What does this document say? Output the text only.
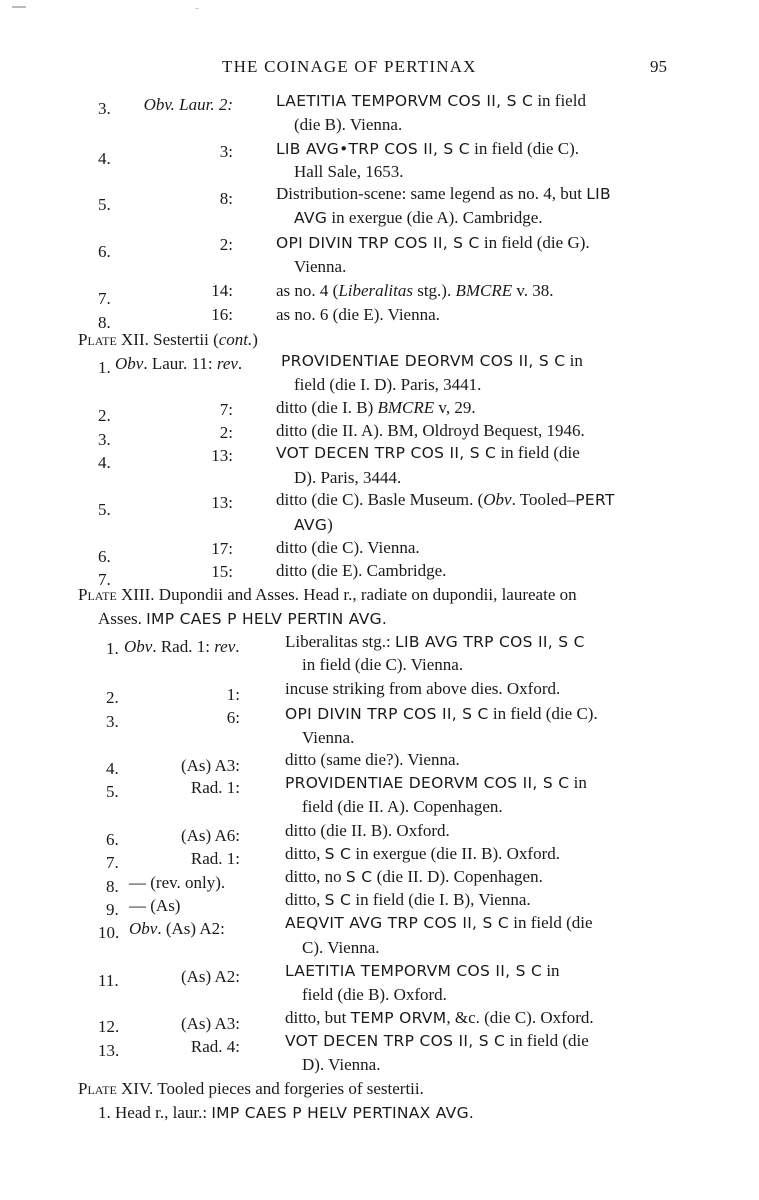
THE COINAGE OF PERTINAX	95
3.	Obv. Laur. 2:	LAETITIA TEMPORVM COS II, S C in field
(die B). Vienna.
4.	3:	LIB AVG•TRP COS II, S C in field (die C).
Hall Sale, 1653.
5.	8:	Distribution-scene: same legend as no. 4, but LIB
AVG in exergue (die A). Cambridge.
6.	2:	OPI DIVIN TRP COS II, S C in field (die G).
Vienna.
7.	14:	as no. 4 (Liberalitas stg.). BMCRE v. 38.
8.	16:	as no. 6 (die E). Vienna.
Plate XII. Sestertii (cont.)
1. Obv. Laur. 11: rev.	PROVIDENTIAE DEORVM COS II, S C in
field (die I. D). Paris, 3441.
2.	7:	ditto (die I. B) BMCRE v, 29.
3.	2:	ditto (die II. A). BM, Oldroyd Bequest, 1946.
4.	13:	VOT DECEN TRP COS II, S C in field (die
D). Paris, 3444.
5.	13:	ditto (die C). Basle Museum. (Obv. Tooled–PERT
AVG)
6.	17:	ditto (die C). Vienna.
7.	15:	ditto (die E). Cambridge.
Plate XIII. Dupondii and Asses. Head r., radiate on dupondii, laureate on
Asses. IMP CAES P HELV PERTIN AVG.
1. Obv. Rad. 1: rev.	Liberalitas stg.: LIB AVG TRP COS II, S C
in field (die C). Vienna.
2.	1:	incuse striking from above dies. Oxford.
3.	6:	OPI DIVIN TRP COS II, S C in field (die C).
Vienna.
4.	(As) A3:	ditto (same die?). Vienna.
5.	Rad. 1:	PROVIDENTIAE DEORVM COS II, S C in
field (die II. A). Copenhagen.
6.	(As) A6:	ditto (die II. B). Oxford.
7.	Rad. 1:	ditto, S C in exergue (die II. B). Oxford.
8. — (rev. only).	ditto, no S C (die II. D). Copenhagen.
9. — (As)	ditto, S C in field (die I. B), Vienna.
10. Obv. (As) A2:	AEQVIT AVG TRP COS II, S C in field (die
C). Vienna.
11.	(As) A2:	LAETITIA TEMPORVM COS II, S C in
field (die B). Oxford.
12.	(As) A3:	ditto, but TEMP ORVM, &c. (die C). Oxford.
13.	Rad. 4:	VOT DECEN TRP COS II, S C in field (die
D). Vienna.
Plate XIV. Tooled pieces and forgeries of sestertii.
1. Head r., laur.: IMP CAES P HELV PERTINAX AVG.
